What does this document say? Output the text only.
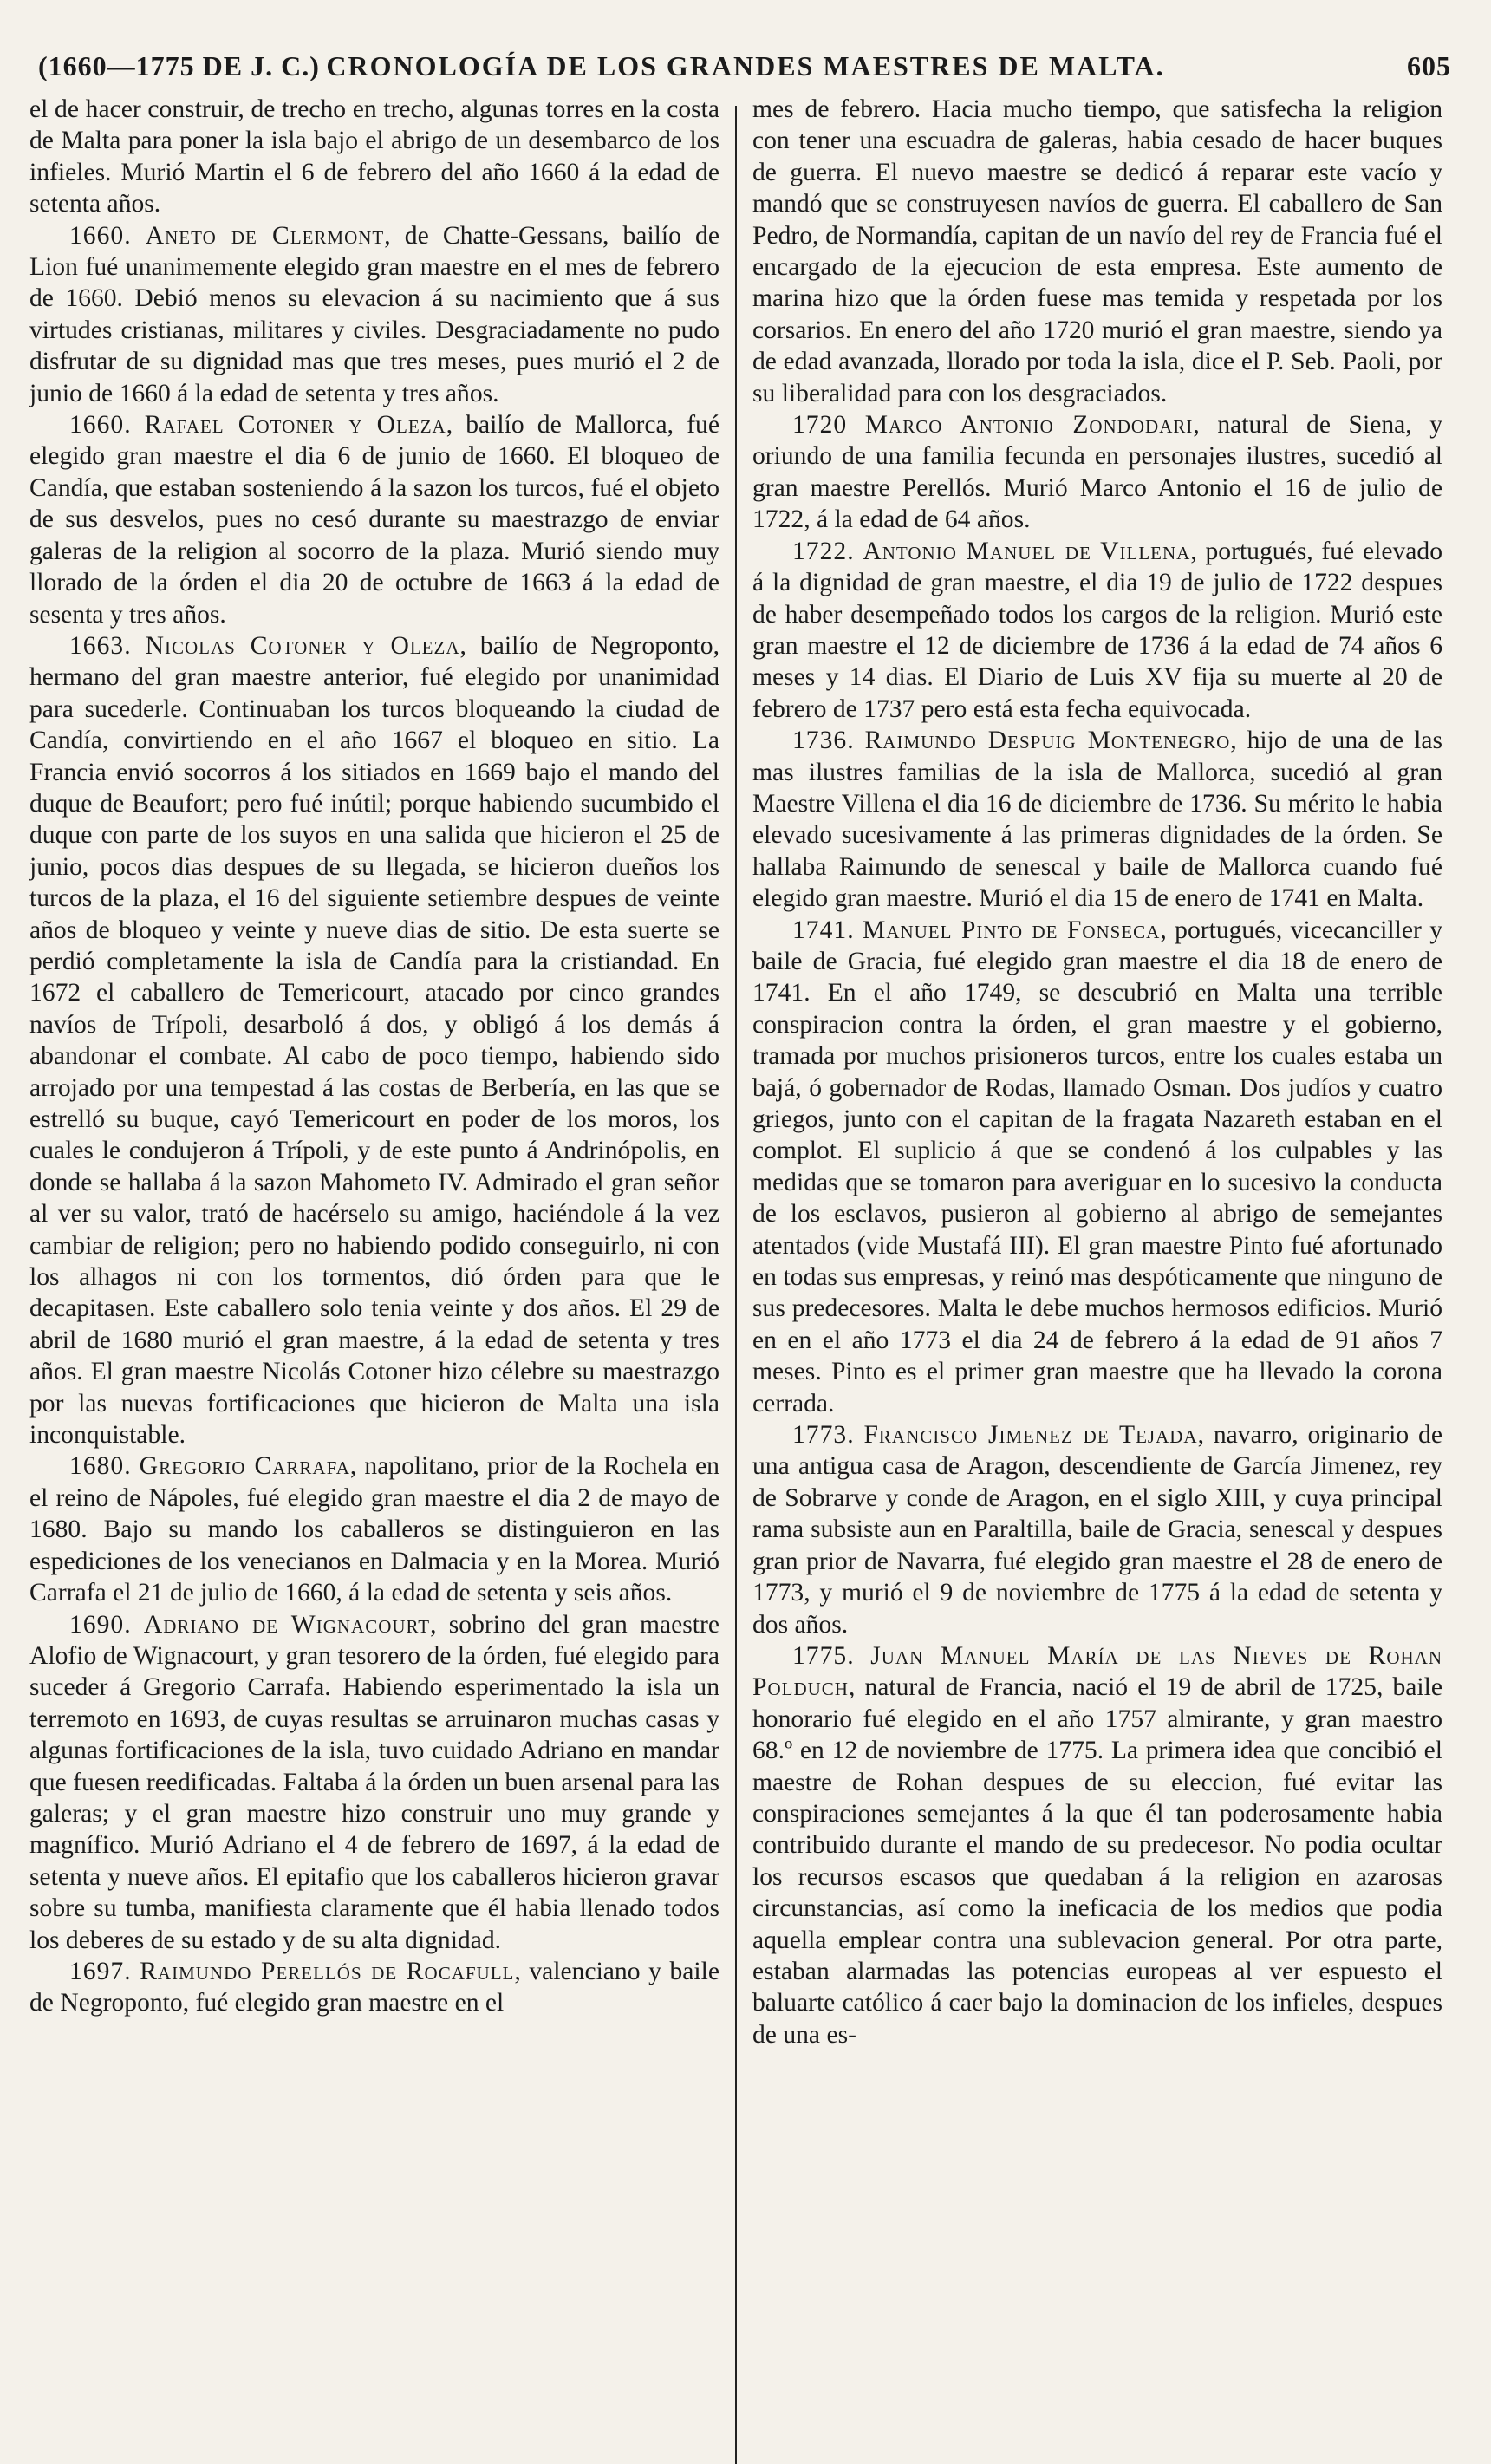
(1660—1775 DE J. C.) CRONOLOGÍA DE LOS GRANDES MAESTRES DE MALTA.	605

el de hacer construir, de trecho en trecho, algunas torres en la costa de Malta para poner la isla bajo el abrigo de un desembarco de los infieles. Murió Martin el 6 de febrero del año 1660 á la edad de setenta años.

1660. Aneto de Clermont, de Chatte-Gessans, bailío de Lion fué unanimemente elegido gran maestre en el mes de febrero de 1660. Debió menos su elevacion á su nacimiento que á sus virtudes cristianas, militares y civiles. Desgraciadamente no pudo disfrutar de su dignidad mas que tres meses, pues murió el 2 de junio de 1660 á la edad de setenta y tres años.

1660. Rafael Cotoner y Oleza, bailío de Mallorca, fué elegido gran maestre el dia 6 de junio de 1660. El bloqueo de Candía, que estaban sosteniendo á la sazon los turcos, fué el objeto de sus desvelos, pues no cesó durante su maestrazgo de enviar galeras de la religion al socorro de la plaza. Murió siendo muy llorado de la órden el dia 20 de octubre de 1663 á la edad de sesenta y tres años.

1663. Nicolas Cotoner y Oleza, bailío de Negroponto, hermano del gran maestre anterior, fué elegido por unanimidad para sucederle. Continuaban los turcos bloqueando la ciudad de Candía, convirtiendo en el año 1667 el bloqueo en sitio. La Francia envió socorros á los sitiados en 1669 bajo el mando del duque de Beaufort; pero fué inútil; porque habiendo sucumbido el duque con parte de los suyos en una salida que hicieron el 25 de junio, pocos dias despues de su llegada, se hicieron dueños los turcos de la plaza, el 16 del siguiente setiembre despues de veinte años de bloqueo y veinte y nueve dias de sitio. De esta suerte se perdió completamente la isla de Candía para la cristiandad. En 1672 el caballero de Temericourt, atacado por cinco grandes navíos de Trípoli, desarboló á dos, y obligó á los demás á abandonar el combate. Al cabo de poco tiempo, habiendo sido arrojado por una tempestad á las costas de Berbería, en las que se estrelló su buque, cayó Temericourt en poder de los moros, los cuales le condujeron á Trípoli, y de este punto á Andrinópolis, en donde se hallaba á la sazon Mahometo IV. Admirado el gran señor al ver su valor, trató de hacérselo su amigo, haciéndole á la vez cambiar de religion; pero no habiendo podido conseguirlo, ni con los alhagos ni con los tormentos, dió órden para que le decapitasen. Este caballero solo tenia veinte y dos años. El 29 de abril de 1680 murió el gran maestre, á la edad de setenta y tres años. El gran maestre Nicolás Cotoner hizo célebre su maestrazgo por las nuevas fortificaciones que hicieron de Malta una isla inconquistable.

1680. Gregorio Carrafa, napolitano, prior de la Rochela en el reino de Nápoles, fué elegido gran maestre el dia 2 de mayo de 1680. Bajo su mando los caballeros se distinguieron en las espediciones de los venecianos en Dalmacia y en la Morea. Murió Carrafa el 21 de julio de 1660, á la edad de setenta y seis años.

1690. Adriano de Wignacourt, sobrino del gran maestre Alofio de Wignacourt, y gran tesorero de la órden, fué elegido para suceder á Gregorio Carrafa. Habiendo esperimentado la isla un terremoto en 1693, de cuyas resultas se arruinaron muchas casas y algunas fortificaciones de la isla, tuvo cuidado Adriano en mandar que fuesen reedificadas. Faltaba á la órden un buen arsenal para las galeras; y el gran maestre hizo construir uno muy grande y magnífico. Murió Adriano el 4 de febrero de 1697, á la edad de setenta y nueve años. El epitafio que los caballeros hicieron gravar sobre su tumba, manifiesta claramente que él habia llenado todos los deberes de su estado y de su alta dignidad.

1697. Raimundo Perellós de Rocafull, valenciano y baile de Negroponto, fué elegido gran maestre en el

mes de febrero. Hacia mucho tiempo, que satisfecha la religion con tener una escuadra de galeras, habia cesado de hacer buques de guerra. El nuevo maestre se dedicó á reparar este vacío y mandó que se construyesen navíos de guerra. El caballero de San Pedro, de Normandía, capitan de un navío del rey de Francia fué el encargado de la ejecucion de esta empresa. Este aumento de marina hizo que la órden fuese mas temida y respetada por los corsarios. En enero del año 1720 murió el gran maestre, siendo ya de edad avanzada, llorado por toda la isla, dice el P. Seb. Paoli, por su liberalidad para con los desgraciados.

1720 Marco Antonio Zondodari, natural de Siena, y oriundo de una familia fecunda en personajes ilustres, sucedió al gran maestre Perellós. Murió Marco Antonio el 16 de julio de 1722, á la edad de 64 años.

1722. Antonio Manuel de Villena, portugués, fué elevado á la dignidad de gran maestre, el dia 19 de julio de 1722 despues de haber desempeñado todos los cargos de la religion. Murió este gran maestre el 12 de diciembre de 1736 á la edad de 74 años 6 meses y 14 dias. El Diario de Luis XV fija su muerte al 20 de febrero de 1737 pero está esta fecha equivocada.

1736. Raimundo Despuig Montenegro, hijo de una de las mas ilustres familias de la isla de Mallorca, sucedió al gran Maestre Villena el dia 16 de diciembre de 1736. Su mérito le habia elevado sucesivamente á las primeras dignidades de la órden. Se hallaba Raimundo de senescal y baile de Mallorca cuando fué elegido gran maestre. Murió el dia 15 de enero de 1741 en Malta.

1741. Manuel Pinto de Fonseca, portugués, vicecanciller y baile de Gracia, fué elegido gran maestre el dia 18 de enero de 1741. En el año 1749, se descubrió en Malta una terrible conspiracion contra la órden, el gran maestre y el gobierno, tramada por muchos prisioneros turcos, entre los cuales estaba un bajá, ó gobernador de Rodas, llamado Osman. Dos judíos y cuatro griegos, junto con el capitan de la fragata Nazareth estaban en el complot. El suplicio á que se condenó á los culpables y las medidas que se tomaron para averiguar en lo sucesivo la conducta de los esclavos, pusieron al gobierno al abrigo de semejantes atentados (vide Mustafá III). El gran maestre Pinto fué afortunado en todas sus empresas, y reinó mas despóticamente que ninguno de sus predecesores. Malta le debe muchos hermosos edificios. Murió en en el año 1773 el dia 24 de febrero á la edad de 91 años 7 meses. Pinto es el primer gran maestre que ha llevado la corona cerrada.

1773. Francisco Jimenez de Tejada, navarro, originario de una antigua casa de Aragon, descendiente de García Jimenez, rey de Sobrarve y conde de Aragon, en el siglo XIII, y cuya principal rama subsiste aun en Paraltilla, baile de Gracia, senescal y despues gran prior de Navarra, fué elegido gran maestre el 28 de enero de 1773, y murió el 9 de noviembre de 1775 á la edad de setenta y dos años.

1775. Juan Manuel María de las Nieves de Rohan Polduch, natural de Francia, nació el 19 de abril de 1725, baile honorario fué elegido en el año 1757 almirante, y gran maestro 68.º en 12 de noviembre de 1775. La primera idea que concibió el maestre de Rohan despues de su eleccion, fué evitar las conspiraciones semejantes á la que él tan poderosamente habia contribuido durante el mando de su predecesor. No podia ocultar los recursos escasos que quedaban á la religion en azarosas circunstancias, así como la ineficacia de los medios que podia aquella emplear contra una sublevacion general. Por otra parte, estaban alarmadas las potencias europeas al ver espuesto el baluarte católico á caer bajo la dominacion de los infieles, despues de una es-
